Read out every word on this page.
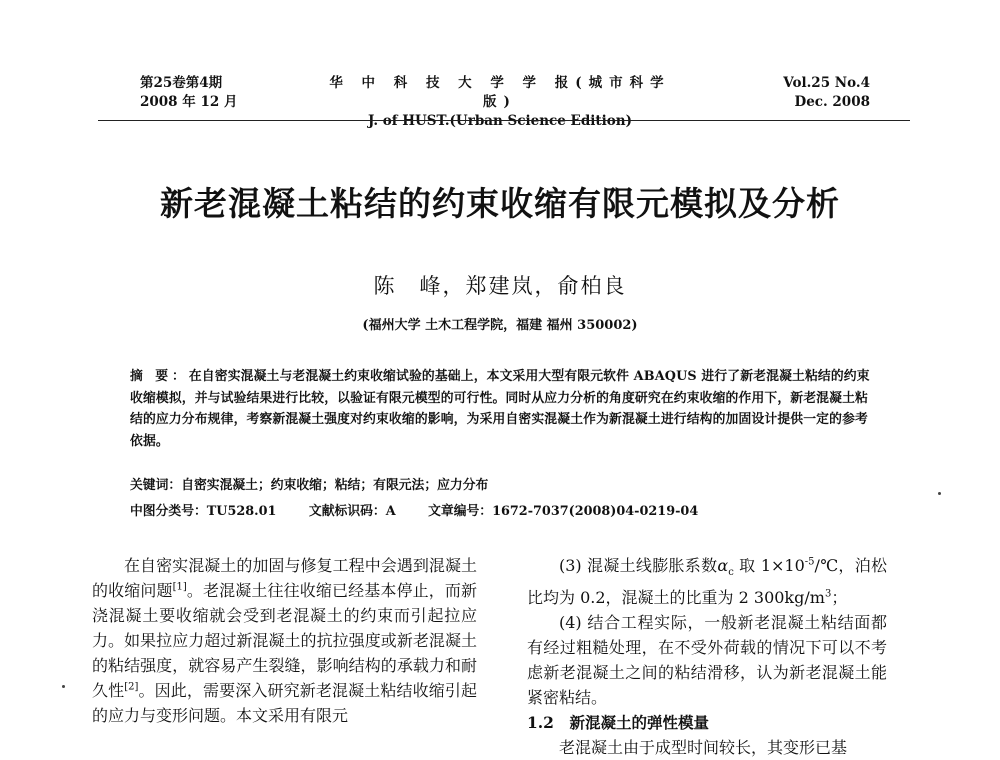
第25卷第4期
2008 年 12 月
华 中 科 技 大 学 学 报(城市科学版)
J. of HUST.(Urban Science Edition)
Vol.25 No.4
Dec. 2008
新老混凝土粘结的约束收缩有限元模拟及分析
陈　峰，郑建岚，俞柏良
(福州大学 土木工程学院，福建 福州 350002)
摘 要：在自密实混凝土与老混凝土约束收缩试验的基础上，本文采用大型有限元软件 ABAQUS 进行了新老混凝土粘结的约束收缩模拟，并与试验结果进行比较，以验证有限元模型的可行性。同时从应力分析的角度研究在约束收缩的作用下，新老混凝土粘结的应力分布规律，考察新混凝土强度对约束收缩的影响，为采用自密实混凝土作为新混凝土进行结构的加固设计提供一定的参考依据。
关键词：自密实混凝土；约束收缩；粘结；有限元法；应力分布
中图分类号：TU528.01	文献标识码：A	文章编号：1672-7037(2008)04-0219-04

在自密实混凝土的加固与修复工程中会遇到混凝土的收缩问题[1]。老混凝土往往收缩已经基本停止，而新浇混凝土要收缩就会受到老混凝土的约束而引起拉应力。如果拉应力超过新混凝土的抗拉强度或新老混凝土的粘结强度，就容易产生裂缝，影响结构的承载力和耐久性[2]。因此，需要深入研究新老混凝土粘结收缩引起的应力与变形问题。本文采用有限元

(3) 混凝土线膨胀系数$\alpha_c$ 取 $1\times 10^{-5}/℃$，泊松比均为 0.2，混凝土的比重为 2 $300kg/m^3$；

(4) 结合工程实际，一般新老混凝土粘结面都有经过粗糙处理，在不受外荷载的情况下可以不考虑新老混凝土之间的粘结滑移，认为新老混凝土能紧密粘结。

1.2　新混凝土的弹性模量

老混凝土由于成型时间较长，其变形已基
